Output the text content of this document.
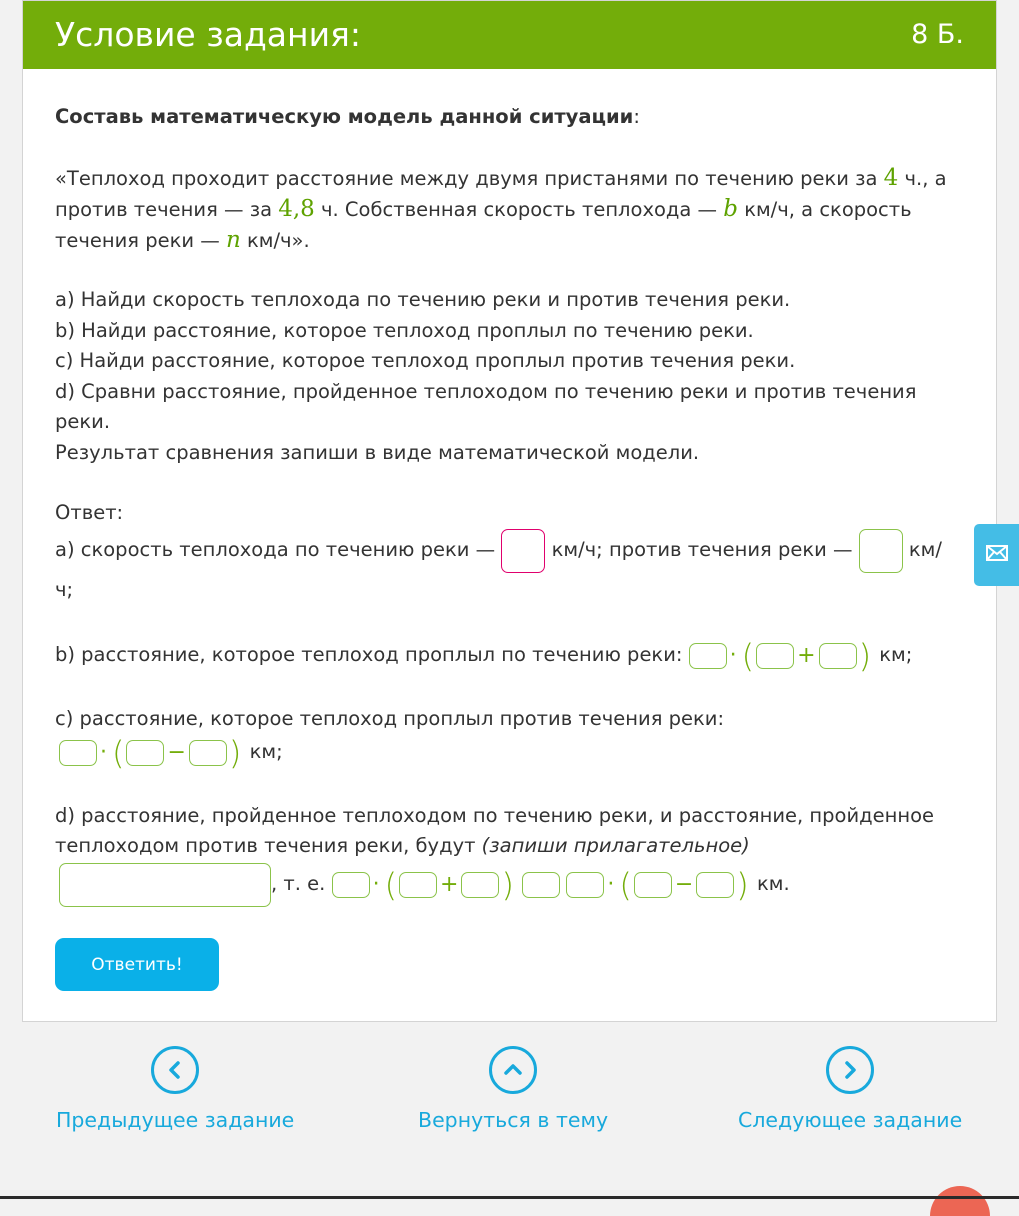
Условие задания:	8 Б.
Составь математическую модель данной ситуации:
«Теплоход проходит расстояние между двумя пристанями по течению реки за 4 ч., а
против течения — за 4,8 ч. Собственная скорость теплохода — b км/ч, а скорость
течения реки — n км/ч».
а) Найди скорость теплохода по течению реки и против течения реки.
b) Найди расстояние, которое теплоход проплыл по течению реки.
c) Найди расстояние, которое теплоход проплыл против течения реки.
d) Сравни расстояние, пройденное теплоходом по течению реки и против течения
реки.
Результат сравнения запиши в виде математической модели.
Ответ:
а) скорость теплохода по течению реки —	км/ч; против течения реки —	км/
ч;
b) расстояние, которое теплоход проплыл по течению реки: · ( + ) км;
c) расстояние, которое теплоход проплыл против течения реки:
· ( − ) км;
d) расстояние, пройденное теплоходом по течению реки, и расстояние, пройденное
теплоходом против течения реки, будут (запиши прилагательное)
, т. е. · ( + )	· ( − ) км.
Ответить!
Предыдущее задание	Вернуться в тему	Следующее задание
